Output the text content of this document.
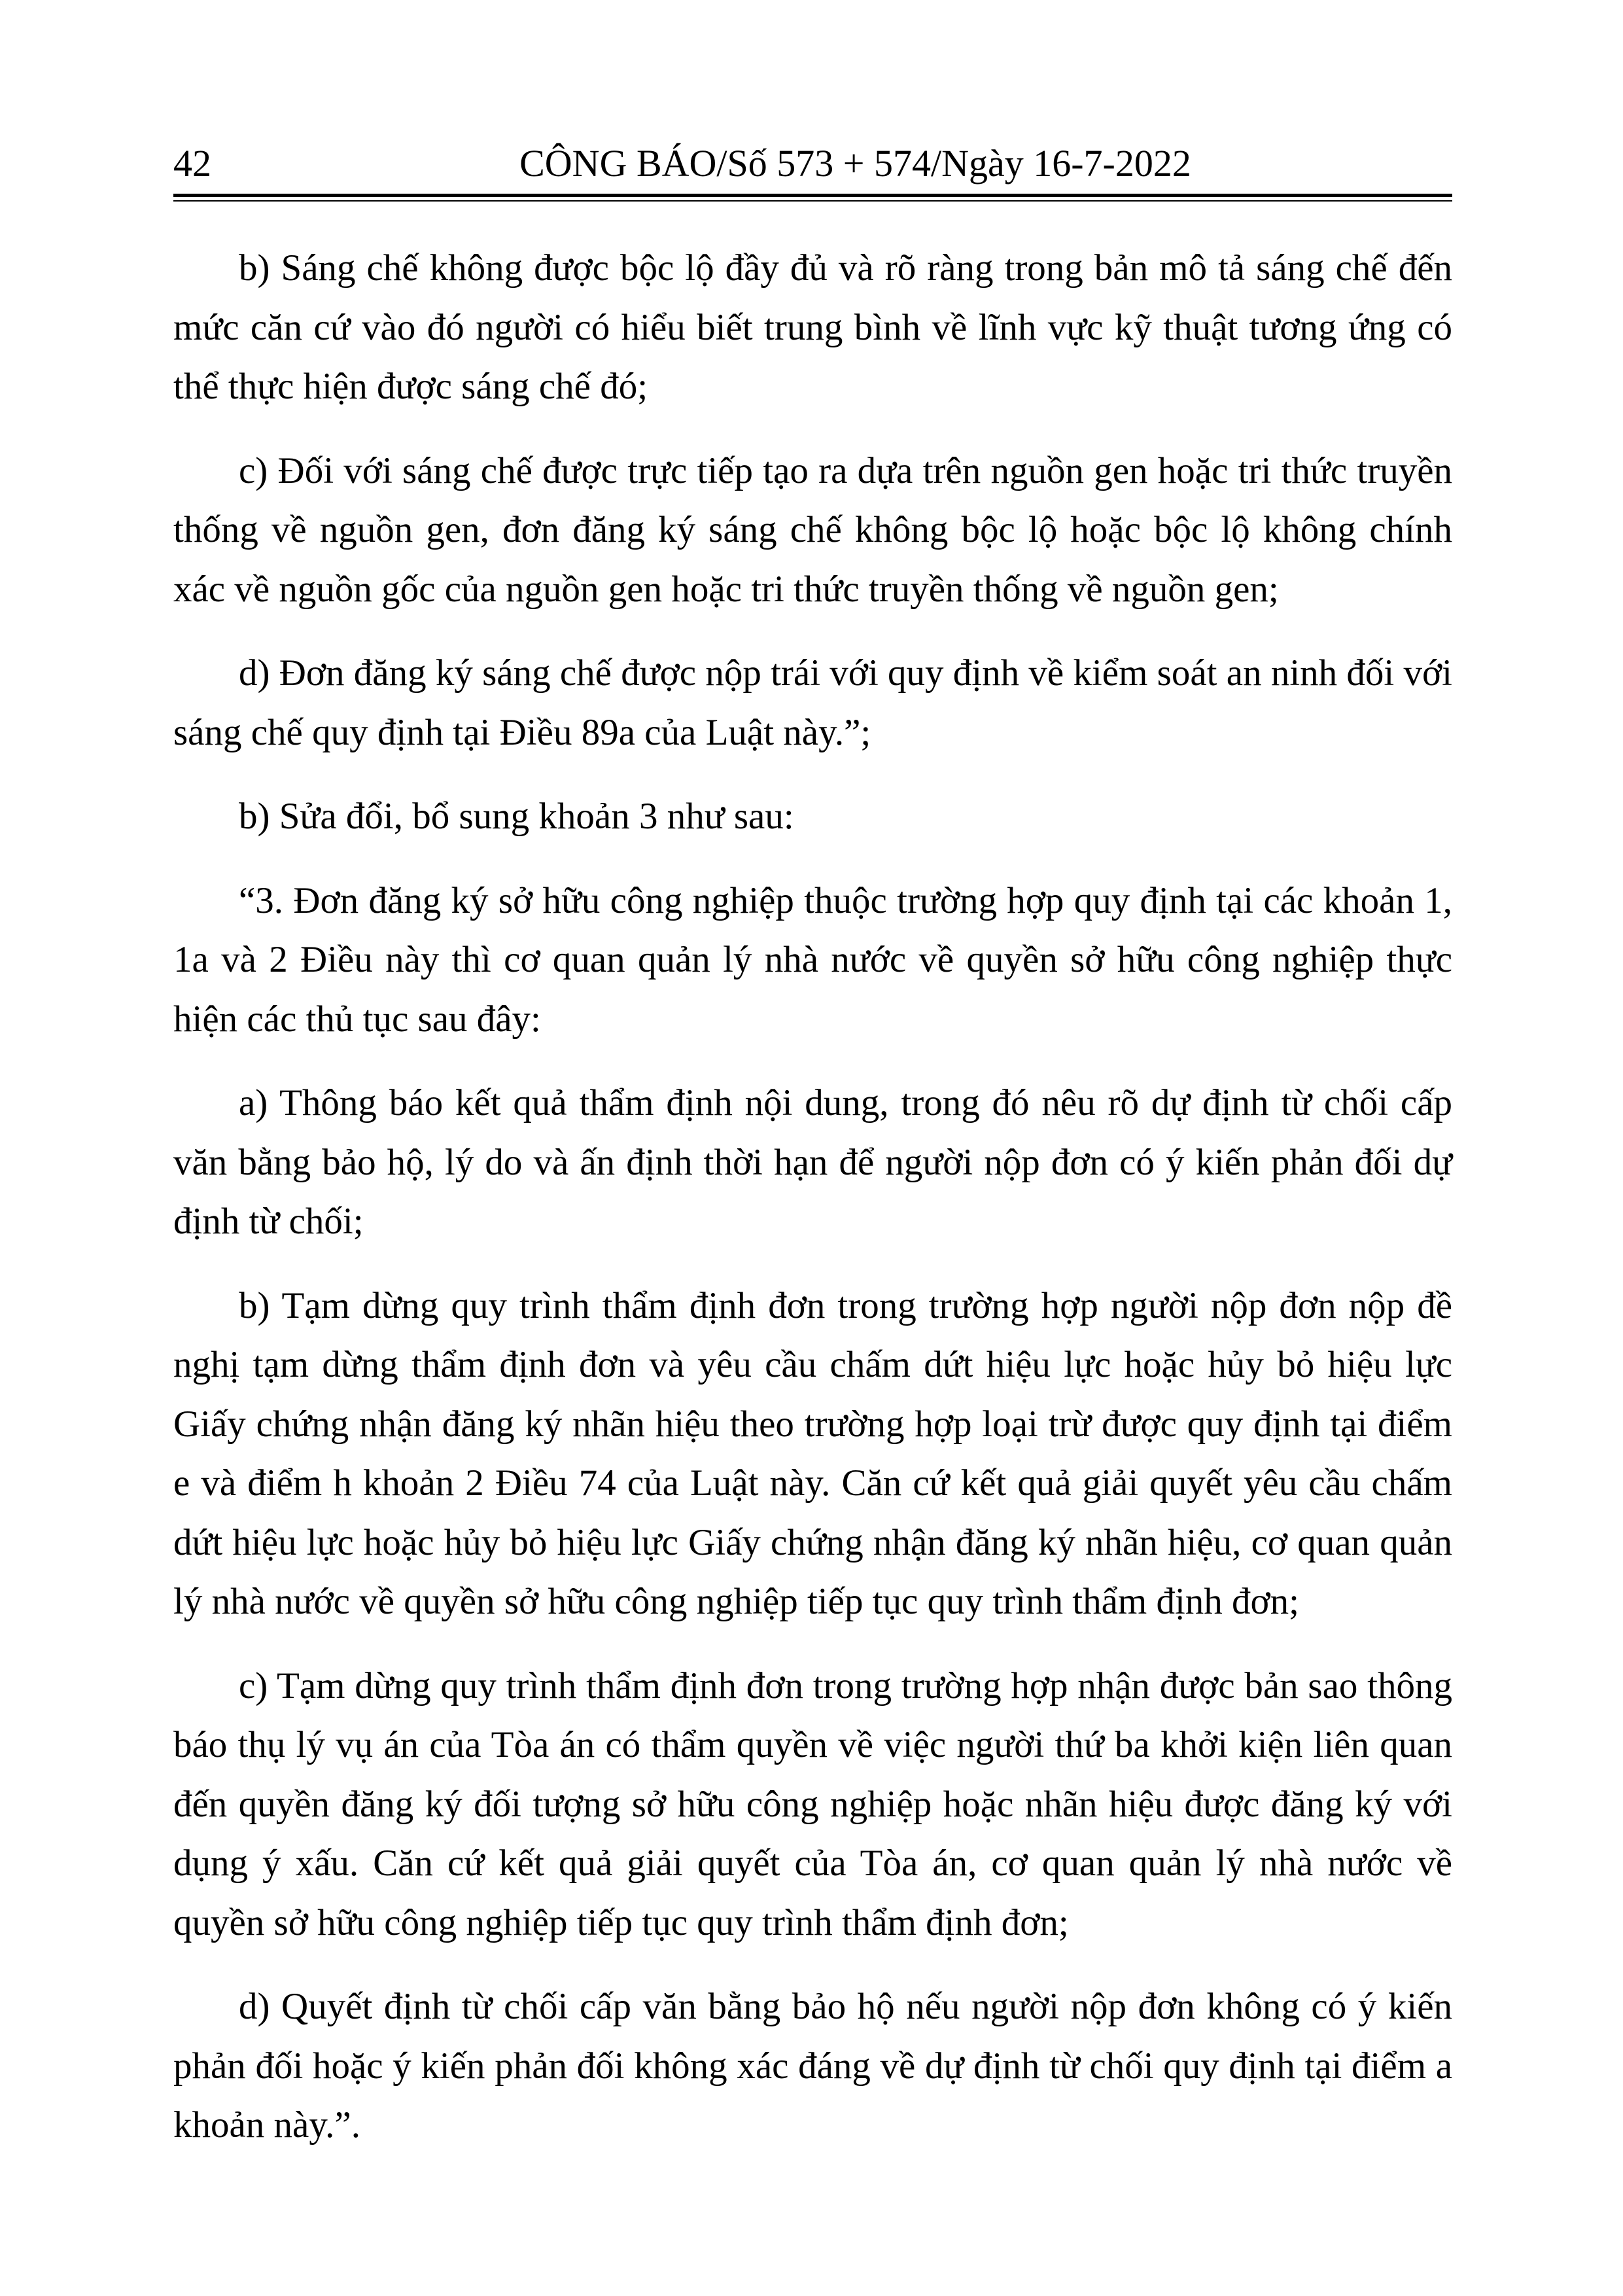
42	CÔNG BÁO/Số 573 + 574/Ngày 16-7-2022

b) Sáng chế không được bộc lộ đầy đủ và rõ ràng trong bản mô tả sáng chế đến mức căn cứ vào đó người có hiểu biết trung bình về lĩnh vực kỹ thuật tương ứng có thể thực hiện được sáng chế đó;

c) Đối với sáng chế được trực tiếp tạo ra dựa trên nguồn gen hoặc tri thức truyền thống về nguồn gen, đơn đăng ký sáng chế không bộc lộ hoặc bộc lộ không chính xác về nguồn gốc của nguồn gen hoặc tri thức truyền thống về nguồn gen;

d) Đơn đăng ký sáng chế được nộp trái với quy định về kiểm soát an ninh đối với sáng chế quy định tại Điều 89a của Luật này.”;

b) Sửa đổi, bổ sung khoản 3 như sau:

“3. Đơn đăng ký sở hữu công nghiệp thuộc trường hợp quy định tại các khoản 1, 1a và 2 Điều này thì cơ quan quản lý nhà nước về quyền sở hữu công nghiệp thực hiện các thủ tục sau đây:

a) Thông báo kết quả thẩm định nội dung, trong đó nêu rõ dự định từ chối cấp văn bằng bảo hộ, lý do và ấn định thời hạn để người nộp đơn có ý kiến phản đối dự định từ chối;

b) Tạm dừng quy trình thẩm định đơn trong trường hợp người nộp đơn nộp đề nghị tạm dừng thẩm định đơn và yêu cầu chấm dứt hiệu lực hoặc hủy bỏ hiệu lực Giấy chứng nhận đăng ký nhãn hiệu theo trường hợp loại trừ được quy định tại điểm e và điểm h khoản 2 Điều 74 của Luật này. Căn cứ kết quả giải quyết yêu cầu chấm dứt hiệu lực hoặc hủy bỏ hiệu lực Giấy chứng nhận đăng ký nhãn hiệu, cơ quan quản lý nhà nước về quyền sở hữu công nghiệp tiếp tục quy trình thẩm định đơn;

c) Tạm dừng quy trình thẩm định đơn trong trường hợp nhận được bản sao thông báo thụ lý vụ án của Tòa án có thẩm quyền về việc người thứ ba khởi kiện liên quan đến quyền đăng ký đối tượng sở hữu công nghiệp hoặc nhãn hiệu được đăng ký với dụng ý xấu. Căn cứ kết quả giải quyết của Tòa án, cơ quan quản lý nhà nước về quyền sở hữu công nghiệp tiếp tục quy trình thẩm định đơn;

d) Quyết định từ chối cấp văn bằng bảo hộ nếu người nộp đơn không có ý kiến phản đối hoặc ý kiến phản đối không xác đáng về dự định từ chối quy định tại điểm a khoản này.”.
